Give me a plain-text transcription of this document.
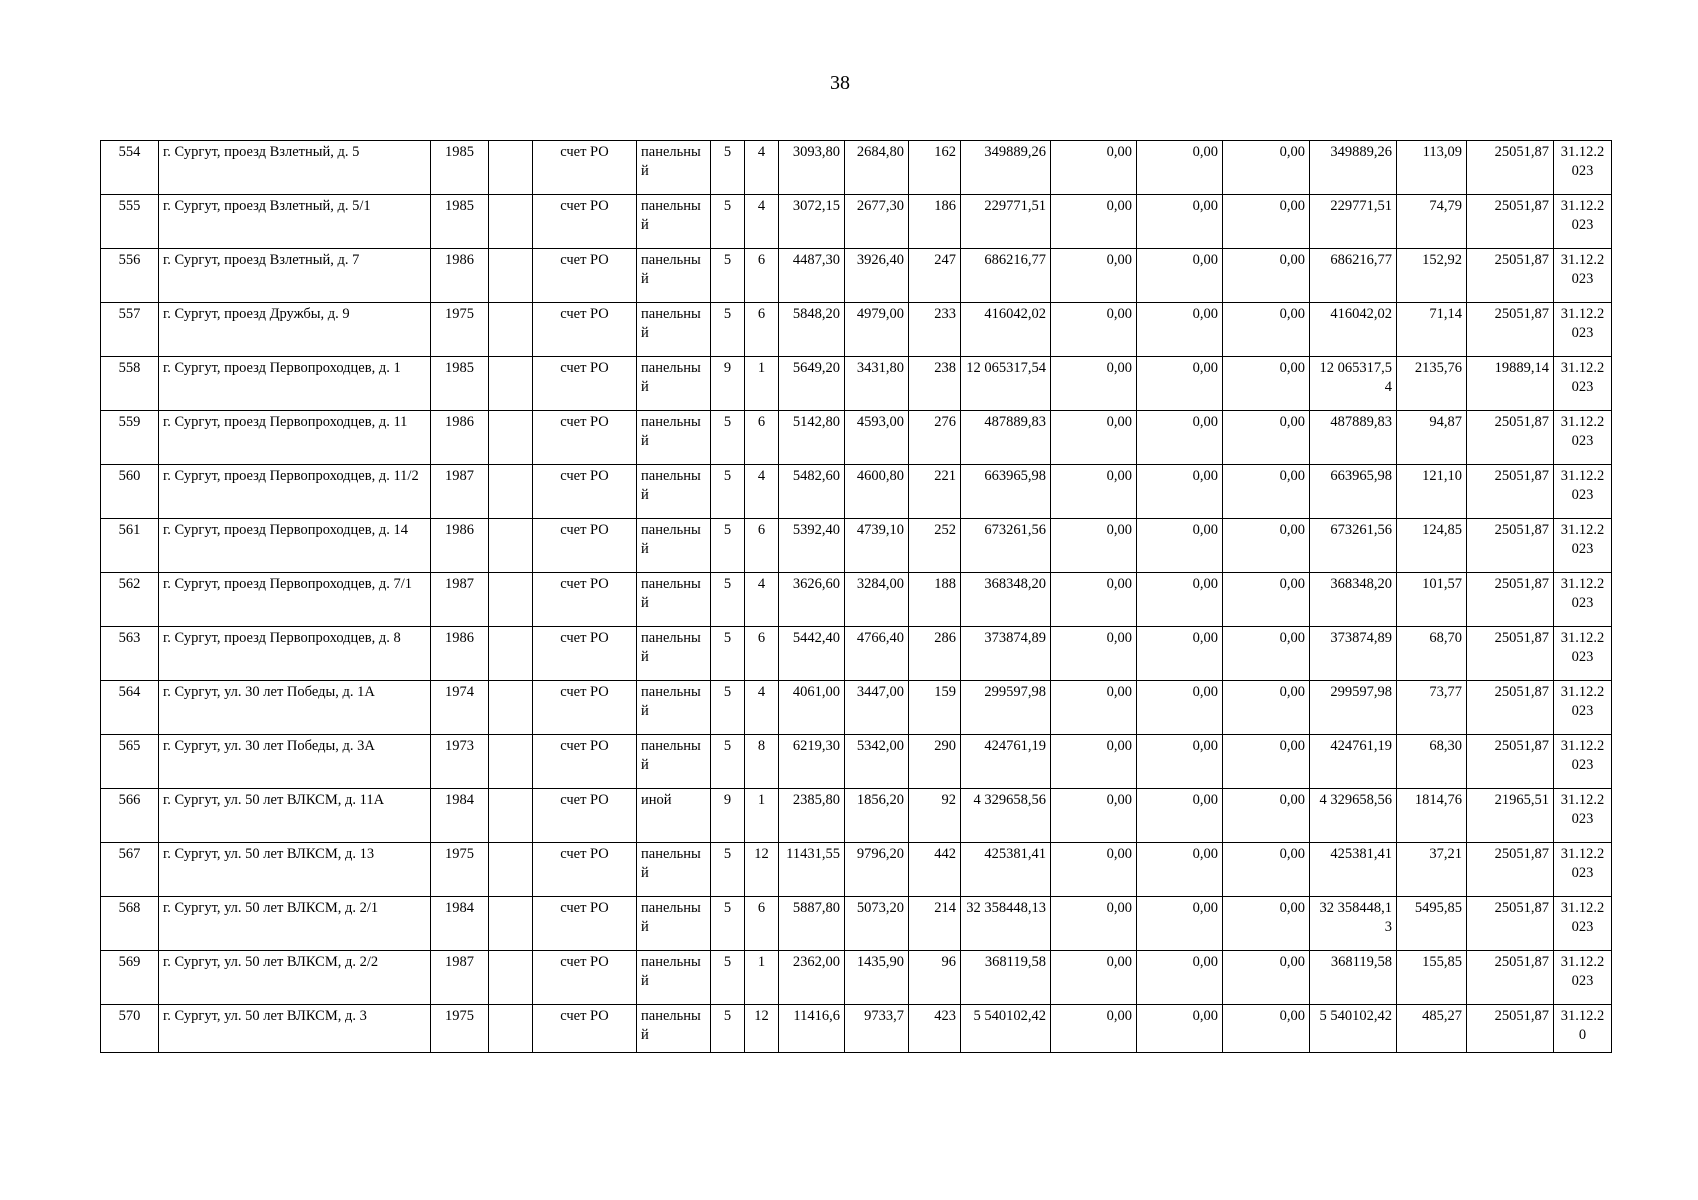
38
554	г. Сургут, проезд Взлетный, д. 5	1985		счет РО	панельный	5	4	3093,80	2684,80	162	349889,26	0,00	0,00	0,00	349889,26	113,09	25051,87	31.12.2023
555	г. Сургут, проезд Взлетный, д. 5/1	1985		счет РО	панельный	5	4	3072,15	2677,30	186	229771,51	0,00	0,00	0,00	229771,51	74,79	25051,87	31.12.2023
556	г. Сургут, проезд Взлетный, д. 7	1986		счет РО	панельный	5	6	4487,30	3926,40	247	686216,77	0,00	0,00	0,00	686216,77	152,92	25051,87	31.12.2023
557	г. Сургут, проезд Дружбы, д. 9	1975		счет РО	панельный	5	6	5848,20	4979,00	233	416042,02	0,00	0,00	0,00	416042,02	71,14	25051,87	31.12.2023
558	г. Сургут, проезд Первопроходцев, д. 1	1985		счет РО	панельный	9	1	5649,20	3431,80	238	12 065317,54	0,00	0,00	0,00	12 065317,54	2135,76	19889,14	31.12.2023
559	г. Сургут, проезд Первопроходцев, д. 11	1986		счет РО	панельный	5	6	5142,80	4593,00	276	487889,83	0,00	0,00	0,00	487889,83	94,87	25051,87	31.12.2023
560	г. Сургут, проезд Первопроходцев, д. 11/2	1987		счет РО	панельный	5	4	5482,60	4600,80	221	663965,98	0,00	0,00	0,00	663965,98	121,10	25051,87	31.12.2023
561	г. Сургут, проезд Первопроходцев, д. 14	1986		счет РО	панельный	5	6	5392,40	4739,10	252	673261,56	0,00	0,00	0,00	673261,56	124,85	25051,87	31.12.2023
562	г. Сургут, проезд Первопроходцев, д. 7/1	1987		счет РО	панельный	5	4	3626,60	3284,00	188	368348,20	0,00	0,00	0,00	368348,20	101,57	25051,87	31.12.2023
563	г. Сургут, проезд Первопроходцев, д. 8	1986		счет РО	панельный	5	6	5442,40	4766,40	286	373874,89	0,00	0,00	0,00	373874,89	68,70	25051,87	31.12.2023
564	г. Сургут, ул. 30 лет Победы, д. 1А	1974		счет РО	панельный	5	4	4061,00	3447,00	159	299597,98	0,00	0,00	0,00	299597,98	73,77	25051,87	31.12.2023
565	г. Сургут, ул. 30 лет Победы, д. 3А	1973		счет РО	панельный	5	8	6219,30	5342,00	290	424761,19	0,00	0,00	0,00	424761,19	68,30	25051,87	31.12.2023
566	г. Сургут, ул. 50 лет ВЛКСМ, д. 11А	1984		счет РО	иной	9	1	2385,80	1856,20	92	4 329658,56	0,00	0,00	0,00	4 329658,56	1814,76	21965,51	31.12.2023
567	г. Сургут, ул. 50 лет ВЛКСМ, д. 13	1975		счет РО	панельный	5	12	11431,55	9796,20	442	425381,41	0,00	0,00	0,00	425381,41	37,21	25051,87	31.12.2023
568	г. Сургут, ул. 50 лет ВЛКСМ, д. 2/1	1984		счет РО	панельный	5	6	5887,80	5073,20	214	32 358448,13	0,00	0,00	0,00	32 358448,13	5495,85	25051,87	31.12.2023
569	г. Сургут, ул. 50 лет ВЛКСМ, д. 2/2	1987		счет РО	панельный	5	1	2362,00	1435,90	96	368119,58	0,00	0,00	0,00	368119,58	155,85	25051,87	31.12.2023
570	г. Сургут, ул. 50 лет ВЛКСМ, д. 3	1975		счет РО	панельный	5	12	11416,6	9733,7	423	5 540102,42	0,00	0,00	0,00	5 540102,42	485,27	25051,87	31.12.20
